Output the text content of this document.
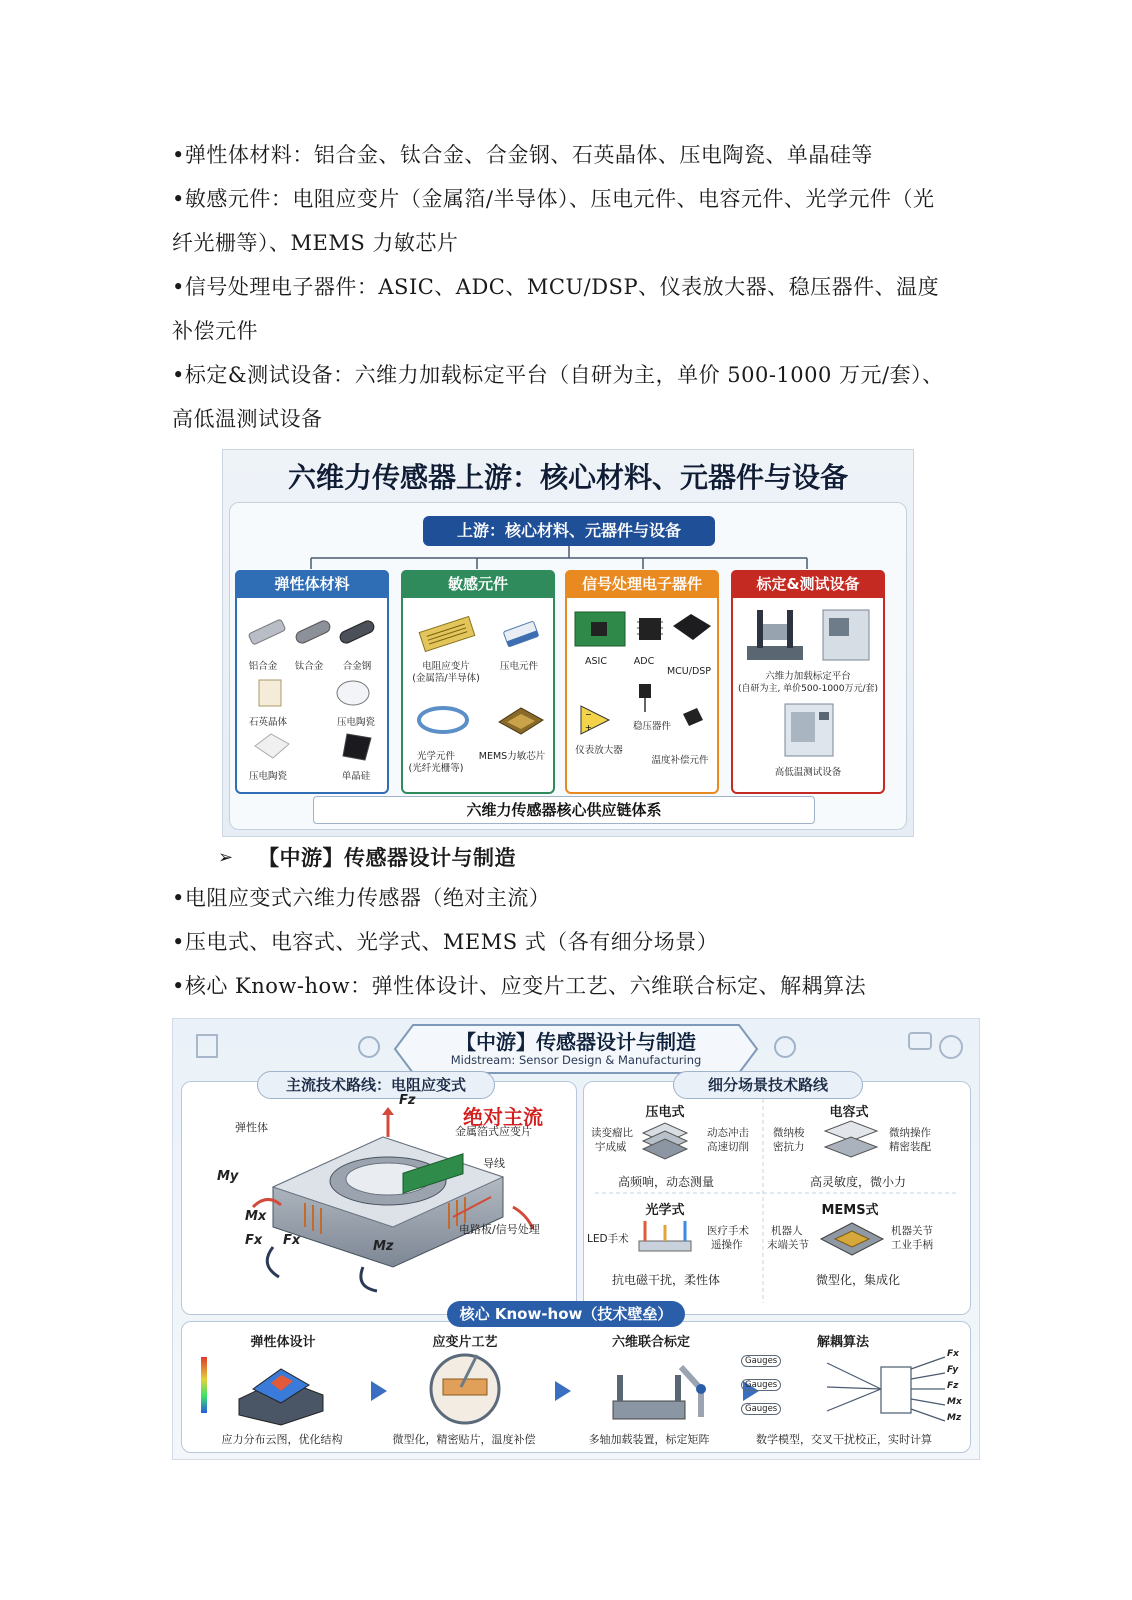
•弹性体材料：铝合金、钛合金、合金钢、石英晶体、压电陶瓷、单晶硅等
•敏感元件：电阻应变片（金属箔/半导体）、压电元件、电容元件、光学元件（光
纤光栅等）、MEMS 力敏芯片
•信号处理电子器件：ASIC、ADC、MCU/DSP、仪表放大器、稳压器件、温度
补偿元件
•标定&测试设备：六维力加载标定平台（自研为主，单价 500-1000 万元/套）、
高低温测试设备
六维力传感器上游：核心材料、元器件与设备
上游：核心材料、元器件与设备
弹性体材料
铝合金	钛合金	合金钢
石英晶体	压电陶瓷
压电陶瓷	单晶硅
敏感元件
电阻应变片
(金属箔/半导体)
压电元件
光学元件
(光纤光栅等)
MEMS力敏芯片
信号处理电子器件
ASIC	ADC
MCU/DSP
−
+	稳压器件
仪表放大器
温度补偿元件
标定&测试设备
六维力加载标定平台
(自研为主, 单价500-1000万元/套)
高低温测试设备
六维力传感器核心供应链体系
➢ 【中游】传感器设计与制造
•电阻应变式六维力传感器（绝对主流）
•压电式、电容式、光学式、MEMS 式（各有细分场景）
•核心 Know-how：弹性体设计、应变片工艺、六维联合标定、解耦算法
【中游】传感器设计与制造
Midstream: Sensor Design & Manufacturing
主流技术路线：电阻应变式
绝对主流
弹性体	金属箔式应变片
导线
电路板/信号处理
Fz
My
Mx
Fx Fx	Mz
细分场景技术路线
压电式
读变瘤比
宇成威
动态冲击
高速切削
高频响，动态测量
电容式
微纳梭
密抗力
微纳操作
精密装配
高灵敏度，微小力
光学式
LED手术
医疗手术
遥操作
抗电磁干扰，柔性体
MEMS式
机器人
末端关节
机器关节
工业手柄
微型化，集成化
核心 Know-how（技术壁垒）
弹性体设计	应变片工艺	六维联合标定	解耦算法
Gauges
Gauges
Gauges
Fx
Fy
Fz
Mx
Mz
应力分布云图，优化结构	微型化，精密贴片，温度补偿	多轴加载装置，标定矩阵	数学模型，交叉干扰校正，实时计算
